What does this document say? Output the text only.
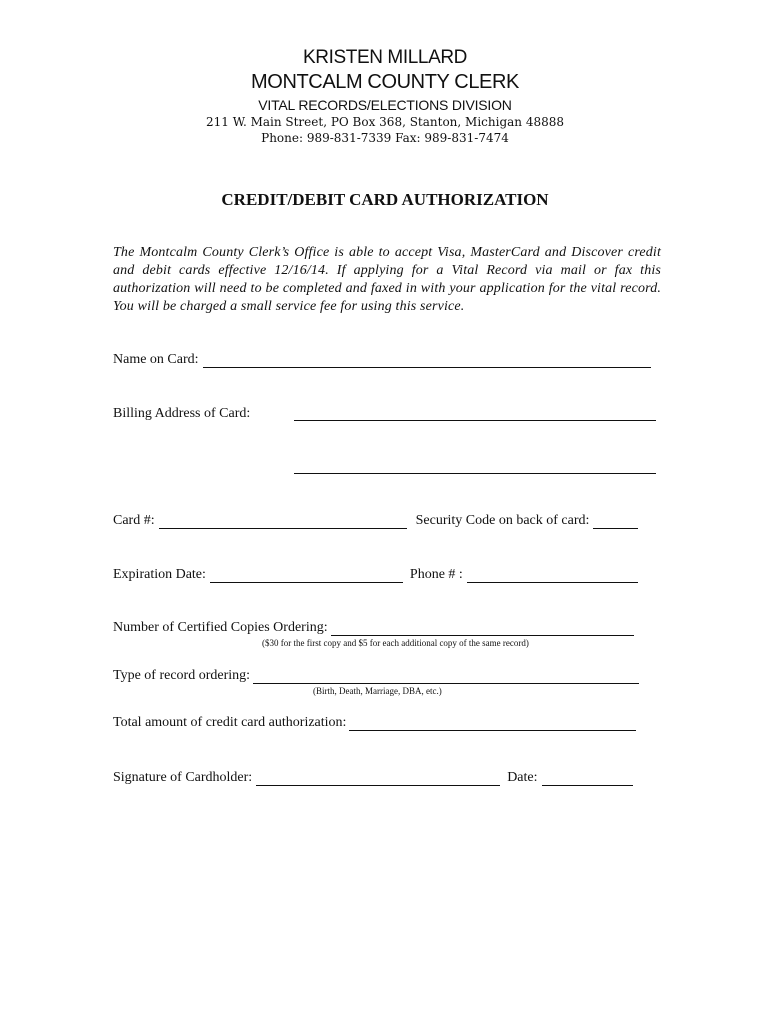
KRISTEN MILLARD
MONTCALM COUNTY CLERK
VITAL RECORDS/ELECTIONS DIVISION
211 W. Main Street, PO Box 368, Stanton, Michigan 48888
Phone: 989-831-7339 Fax: 989-831-7474
CREDIT/DEBIT CARD AUTHORIZATION
The Montcalm County Clerk’s Office is able to accept Visa, MasterCard and Discover credit and debit cards effective 12/16/14. If applying for a Vital Record via mail or fax this authorization will need to be completed and faxed in with your application for the vital record. You will be charged a small service fee for using this service.
Name on Card:
Billing Address of Card:
Card #:	Security Code on back of card:
Expiration Date:	Phone # :
Number of Certified Copies Ordering:
($30 for the first copy and $5 for each additional copy of the same record)
Type of record ordering:
(Birth, Death, Marriage, DBA, etc.)
Total amount of credit card authorization:
Signature of Cardholder:	Date:
